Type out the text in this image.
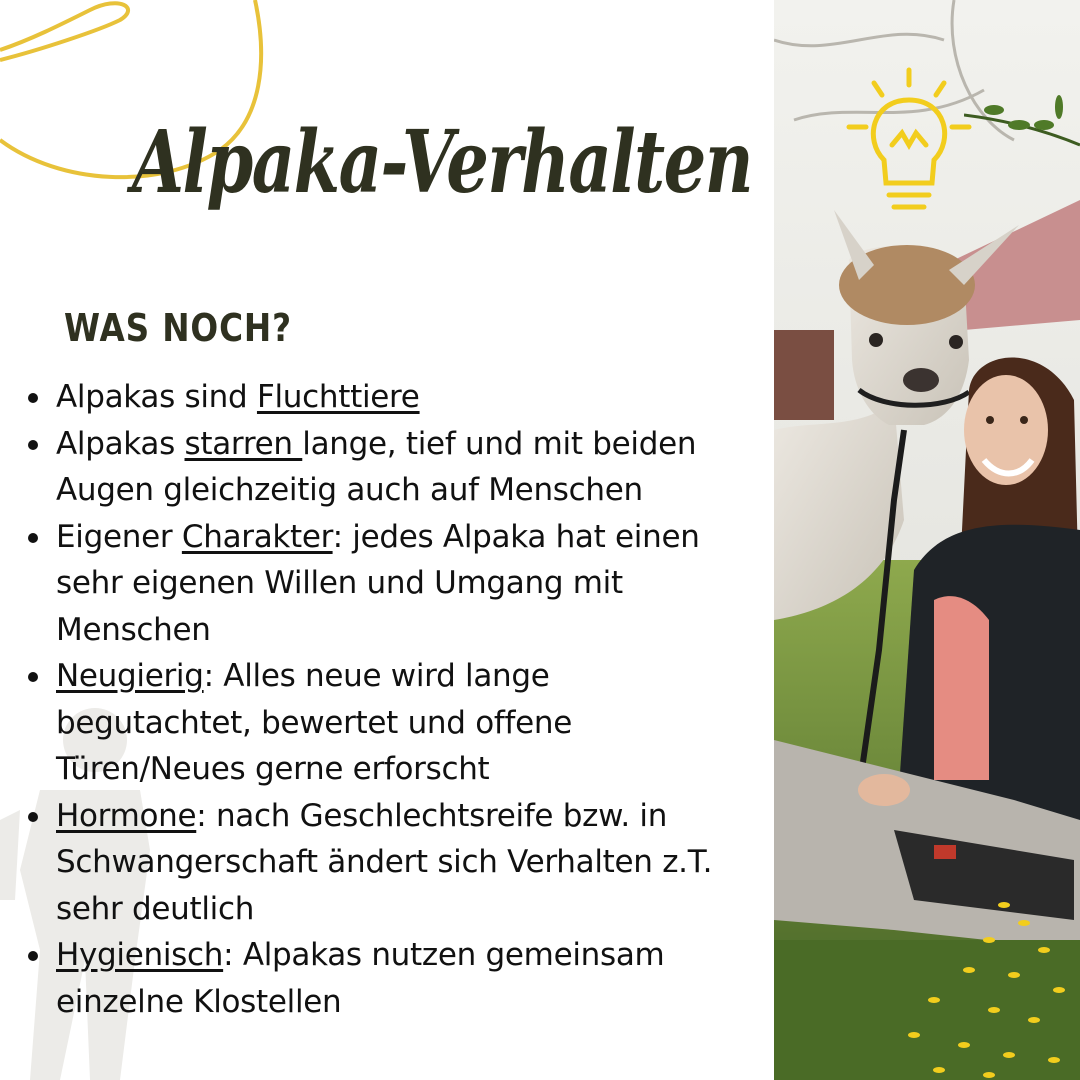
Alpaka-Verhalten
WAS NOCH?
Alpakas sind Fluchttiere
Alpakas starren lange, tief und mit beiden Augen gleichzeitig auch auf Menschen
Eigener Charakter: jedes Alpaka hat einen sehr eigenen Willen und Umgang mit Menschen
Neugierig: Alles neue wird lange begutachtet, bewertet und offene Türen/Neues gerne erforscht
Hormone: nach Geschlechtsreife bzw. in Schwangerschaft ändert sich Verhalten z.T. sehr deutlich
Hygienisch: Alpakas nutzen gemeinsam einzelne Klostellen
